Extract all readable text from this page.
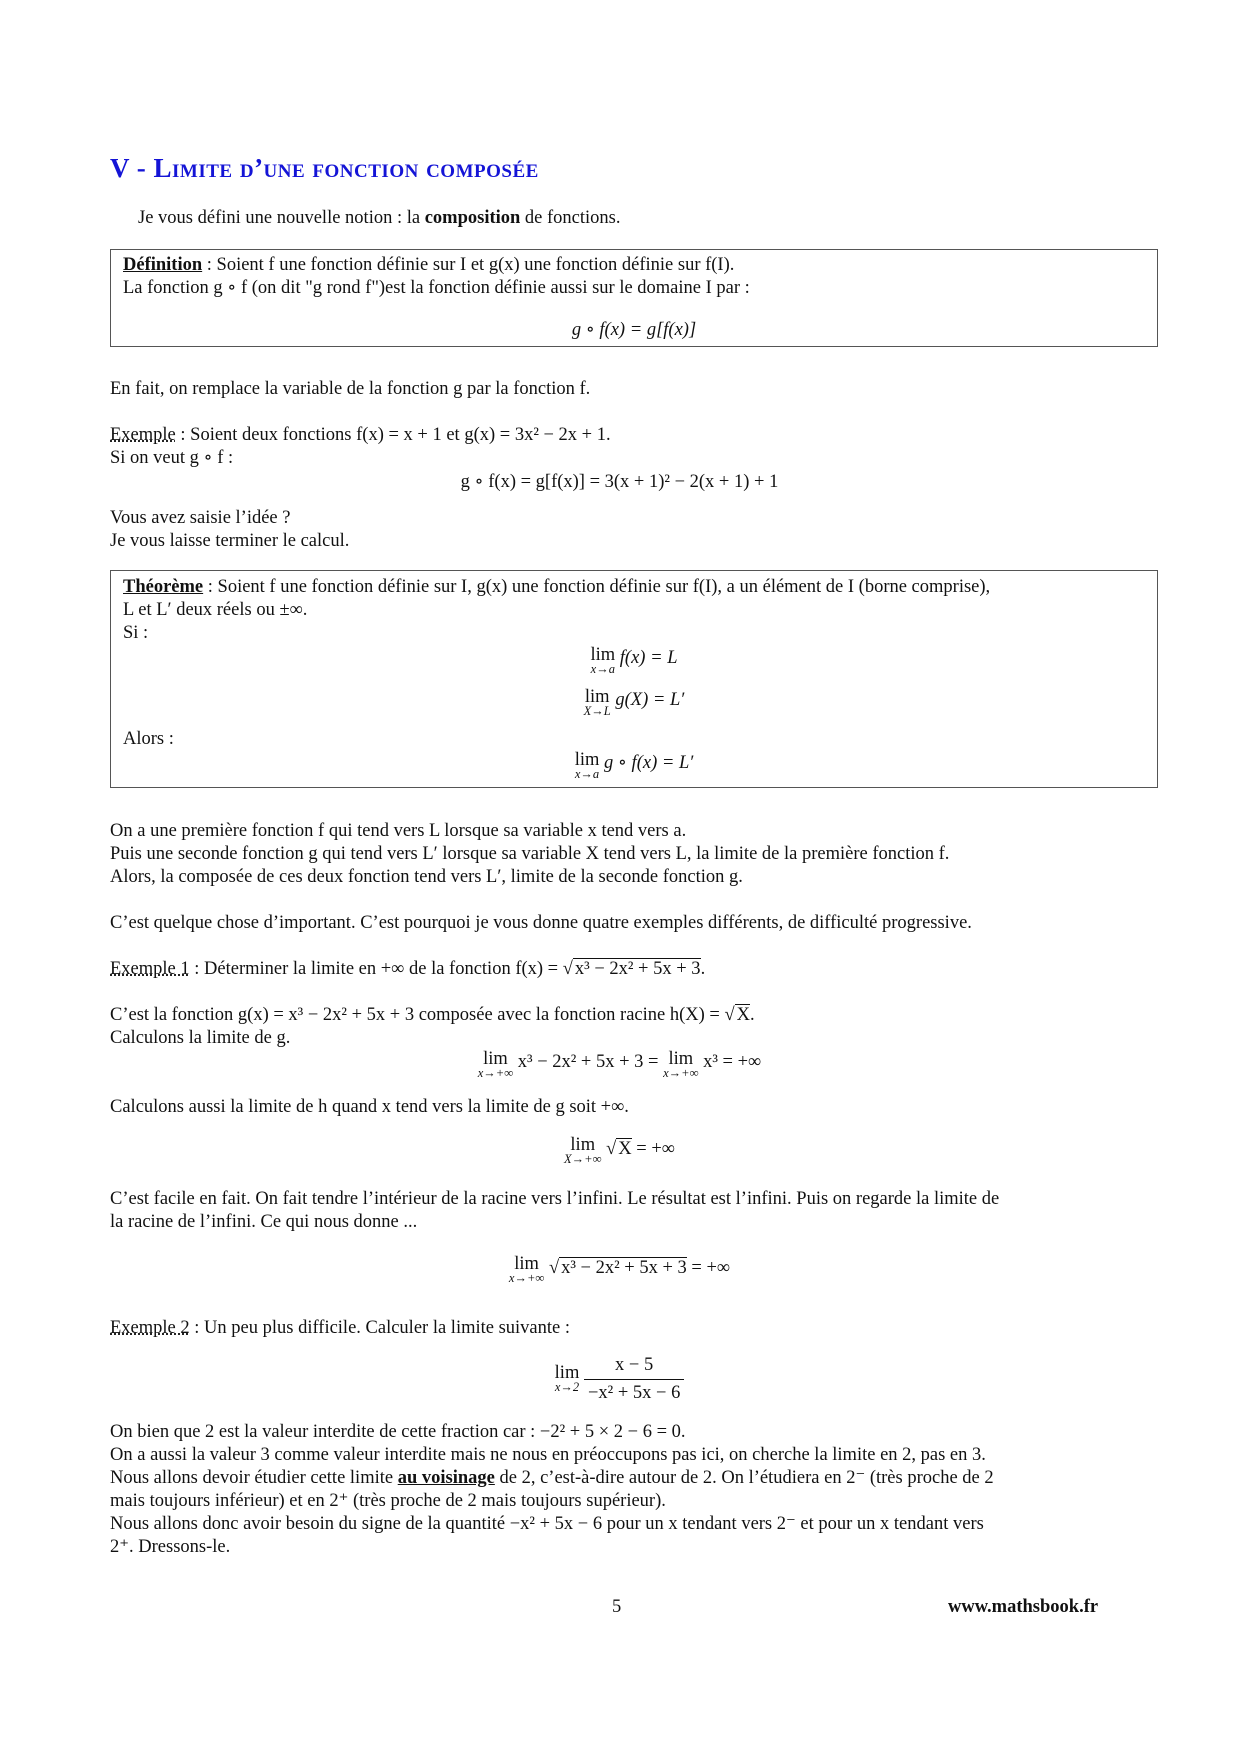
V - Limite d’une fonction composée
Je vous défini une nouvelle notion : la composition de fonctions.
Définition : Soient f une fonction définie sur I et g(x) une fonction définie sur f(I).
La fonction g ∘ f (on dit "g rond f")est la fonction définie aussi sur le domaine I par :
g ∘ f(x) = g[f(x)]
En fait, on remplace la variable de la fonction g par la fonction f.
Exemple : Soient deux fonctions f(x) = x + 1 et g(x) = 3x² − 2x + 1.
Si on veut g ∘ f :
g ∘ f(x) = g[f(x)] = 3(x + 1)² − 2(x + 1) + 1
Vous avez saisie l’idée ?
Je vous laisse terminer le calcul.
Théorème : Soient f une fonction définie sur I, g(x) une fonction définie sur f(I), a un élément de I (borne comprise),
L et L′ deux réels ou ±∞.
Si :
lim
x→a
f(x) = L
lim
X→L
g(X) = L′
Alors :
lim
x→a
g ∘ f(x) = L′
On a une première fonction f qui tend vers L lorsque sa variable x tend vers a.
Puis une seconde fonction g qui tend vers L′ lorsque sa variable X tend vers L, la limite de la première fonction f.
Alors, la composée de ces deux fonction tend vers L′, limite de la seconde fonction g.
C’est quelque chose d’important. C’est pourquoi je vous donne quatre exemples différents, de difficulté progressive.
Exemple 1 : Déterminer la limite en +∞ de la fonction f(x) = √ x³ − 2x² + 5x + 3.
C’est la fonction g(x) = x³ − 2x² + 5x + 3 composée avec la fonction racine h(X) = √ X.
Calculons la limite de g.
lim
x→+∞
x³ − 2x² + 5x + 3 = lim
x→+∞
x³ = +∞
Calculons aussi la limite de h quand x tend vers la limite de g soit +∞.
lim
X→+∞ √ X = +∞
C’est facile en fait. On fait tendre l’intérieur de la racine vers l’infini. Le résultat est l’infini. Puis on regarde la limite de
la racine de l’infini. Ce qui nous donne ...
lim
x→+∞ √ x³ − 2x² + 5x + 3 = +∞
Exemple 2 : Un peu plus difficile. Calculer la limite suivante :
lim
x→2
$\frac{x - 5}{\text{−x² + 5x − 6}}$
On bien que 2 est la valeur interdite de cette fraction car : −2² + 5 × 2 − 6 = 0.
On a aussi la valeur 3 comme valeur interdite mais ne nous en préoccupons pas ici, on cherche la limite en 2, pas en 3.
Nous allons devoir étudier cette limite au voisinage de 2, c’est-à-dire autour de 2. On l’étudiera en 2⁻ (très proche de 2
mais toujours inférieur) et en 2⁺ (très proche de 2 mais toujours supérieur).
Nous allons donc avoir besoin du signe de la quantité −x² + 5x − 6 pour un x tendant vers 2⁻ et pour un x tendant vers
2⁺. Dressons-le.
5	www.mathsbook.fr
